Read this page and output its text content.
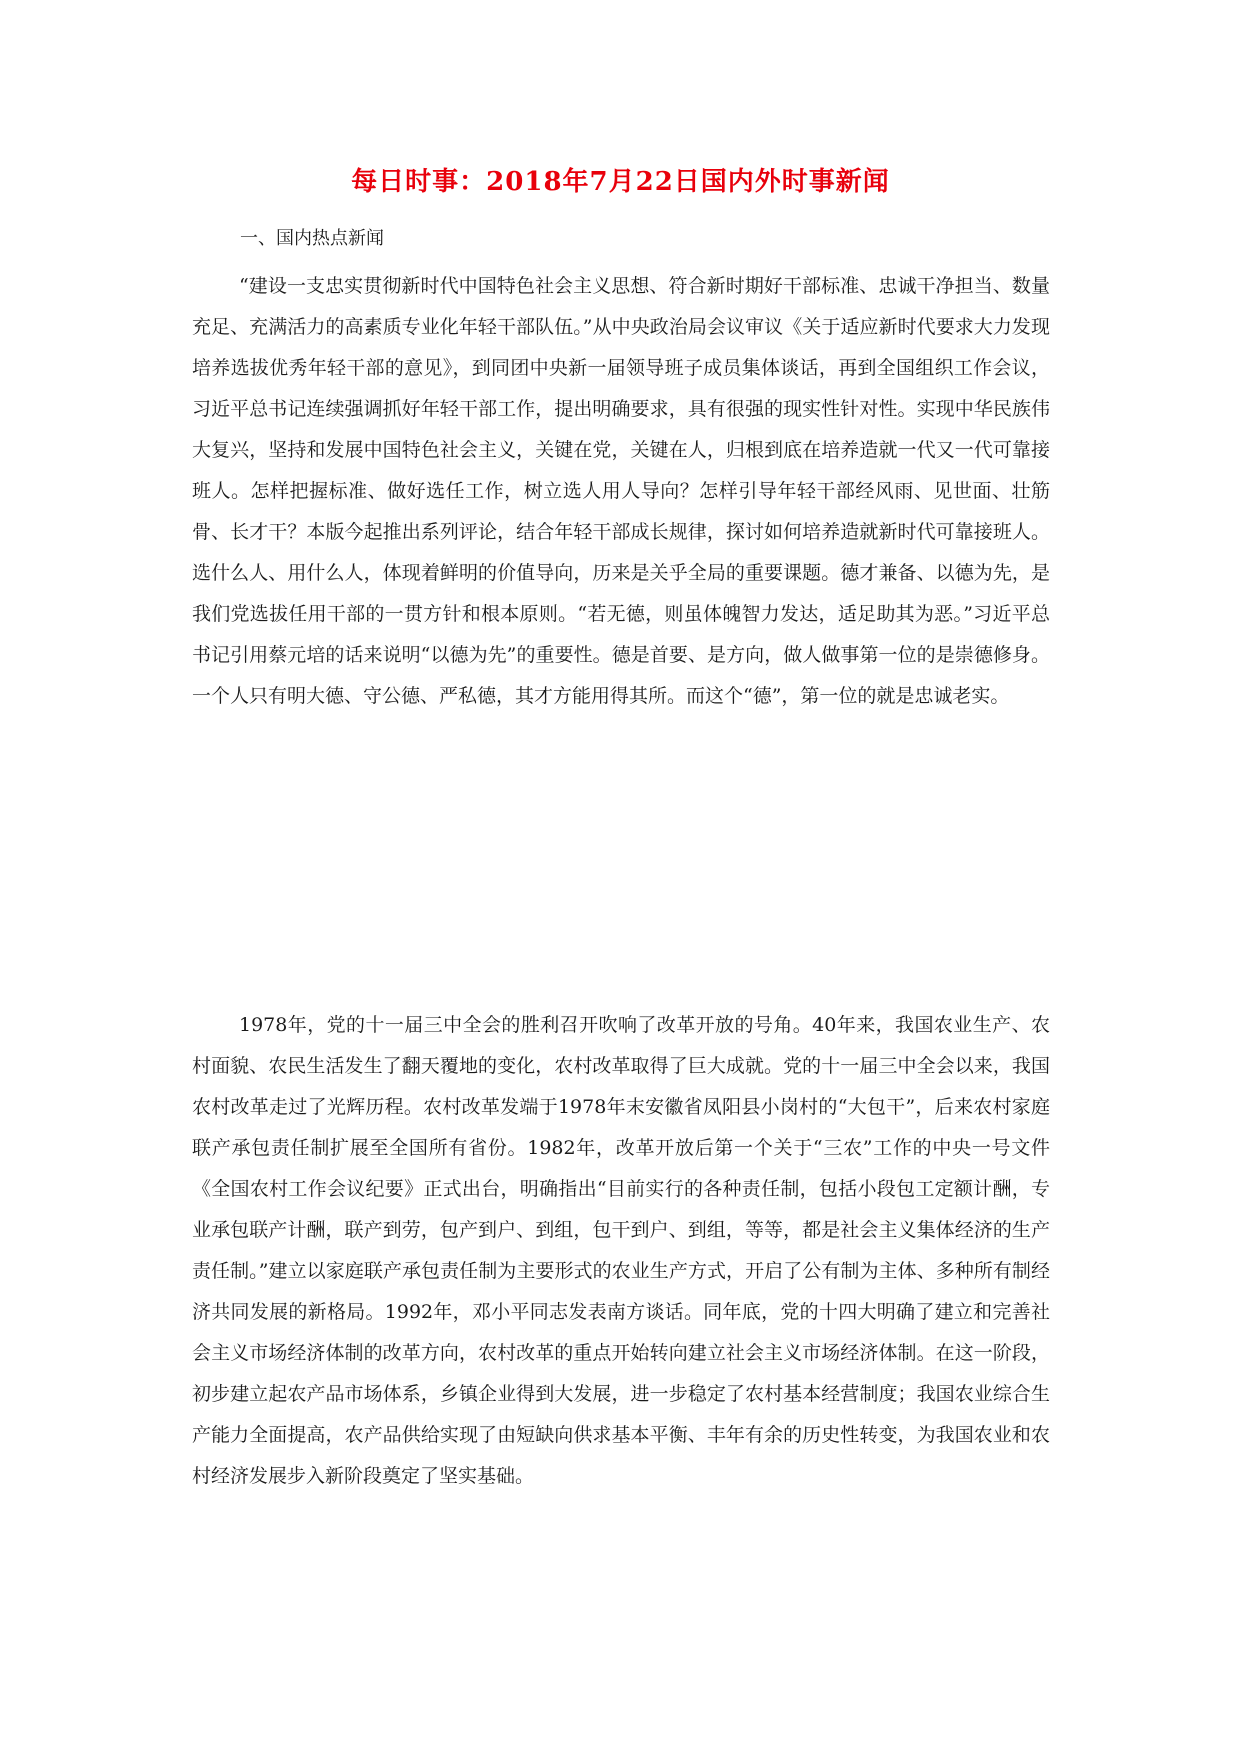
每日时事：2018年7月22日国内外时事新闻
一、国内热点新闻

“建设一支忠实贯彻新时代中国特色社会主义思想、符合新时期好干部标准、忠诚干净担当、数量充足、充满活力的高素质专业化年轻干部队伍。”从中央政治局会议审议《关于适应新时代要求大力发现培养选拔优秀年轻干部的意见》，到同团中央新一届领导班子成员集体谈话，再到全国组织工作会议，习近平总书记连续强调抓好年轻干部工作，提出明确要求，具有很强的现实性针对性。实现中华民族伟大复兴，坚持和发展中国特色社会主义，关键在党，关键在人，归根到底在培养造就一代又一代可靠接班人。怎样把握标准、做好选任工作，树立选人用人导向？怎样引导年轻干部经风雨、见世面、壮筋骨、长才干？本版今起推出系列评论，结合年轻干部成长规律，探讨如何培养造就新时代可靠接班人。选什么人、用什么人，体现着鲜明的价值导向，历来是关乎全局的重要课题。德才兼备、以德为先，是我们党选拔任用干部的一贯方针和根本原则。“若无德，则虽体魄智力发达，适足助其为恶。”习近平总书记引用蔡元培的话来说明“以德为先”的重要性。德是首要、是方向，做人做事第一位的是崇德修身。一个人只有明大德、守公德、严私德，其才方能用得其所。而这个“德”，第一位的就是忠诚老实。

1978年，党的十一届三中全会的胜利召开吹响了改革开放的号角。40年来，我国农业生产、农村面貌、农民生活发生了翻天覆地的变化，农村改革取得了巨大成就。党的十一届三中全会以来，我国农村改革走过了光辉历程。农村改革发端于1978年末安徽省凤阳县小岗村的“大包干”，后来农村家庭联产承包责任制扩展至全国所有省份。1982年，改革开放后第一个关于“三农”工作的中央一号文件《全国农村工作会议纪要》正式出台，明确指出“目前实行的各种责任制，包括小段包工定额计酬，专业承包联产计酬，联产到劳，包产到户、到组，包干到户、到组，等等，都是社会主义集体经济的生产责任制。”建立以家庭联产承包责任制为主要形式的农业生产方式，开启了公有制为主体、多种所有制经济共同发展的新格局。1992年，邓小平同志发表南方谈话。同年底，党的十四大明确了建立和完善社会主义市场经济体制的改革方向，农村改革的重点开始转向建立社会主义市场经济体制。在这一阶段，初步建立起农产品市场体系，乡镇企业得到大发展，进一步稳定了农村基本经营制度；我国农业综合生产能力全面提高，农产品供给实现了由短缺向供求基本平衡、丰年有余的历史性转变，为我国农业和农村经济发展步入新阶段奠定了坚实基础。
